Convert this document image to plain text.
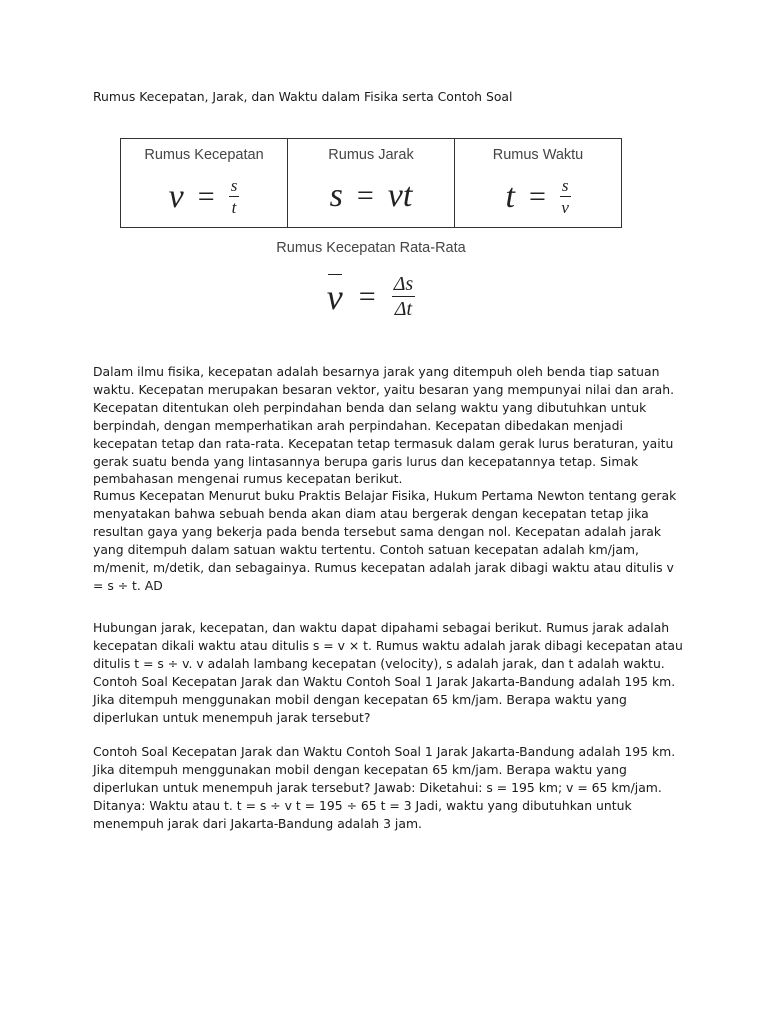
Rumus Kecepatan, Jarak, dan Waktu dalam Fisika serta Contoh Soal

Rumus Kecepatan
$v = \frac{s}{t}$
Rumus Jarak
s = vt
Rumus Waktu
$t = \frac{s}{v}$
Rumus Kecepatan Rata-Rata
$v = \frac{\Delta s}{\Delta t}$

Dalam ilmu fisika, kecepatan adalah besarnya jarak yang ditempuh oleh benda tiap satuan waktu. Kecepatan merupakan besaran vektor, yaitu besaran yang mempunyai nilai dan arah. Kecepatan ditentukan oleh perpindahan benda dan selang waktu yang dibutuhkan untuk berpindah, dengan memperhatikan arah perpindahan. Kecepatan dibedakan menjadi kecepatan tetap dan rata-rata. Kecepatan tetap termasuk dalam gerak lurus beraturan, yaitu gerak suatu benda yang lintasannya berupa garis lurus dan kecepatannya tetap. Simak pembahasan mengenai rumus kecepatan berikut.

Rumus Kecepatan Menurut buku Praktis Belajar Fisika, Hukum Pertama Newton tentang gerak menyatakan bahwa sebuah benda akan diam atau bergerak dengan kecepatan tetap jika resultan gaya yang bekerja pada benda tersebut sama dengan nol. Kecepatan adalah jarak yang ditempuh dalam satuan waktu tertentu. Contoh satuan kecepatan adalah km/jam, m/menit, m/detik, dan sebagainya. Rumus kecepatan adalah jarak dibagi waktu atau ditulis v = s ÷ t. AD

Hubungan jarak, kecepatan, dan waktu dapat dipahami sebagai berikut. Rumus jarak adalah kecepatan dikali waktu atau ditulis s = v × t. Rumus waktu adalah jarak dibagi kecepatan atau ditulis t = s ÷ v. v adalah lambang kecepatan (velocity), s adalah jarak, dan t adalah waktu. Contoh Soal Kecepatan Jarak dan Waktu Contoh Soal 1 Jarak Jakarta-Bandung adalah 195 km. Jika ditempuh menggunakan mobil dengan kecepatan 65 km/jam. Berapa waktu yang diperlukan untuk menempuh jarak tersebut?

Contoh Soal Kecepatan Jarak dan Waktu Contoh Soal 1 Jarak Jakarta-Bandung adalah 195 km. Jika ditempuh menggunakan mobil dengan kecepatan 65 km/jam. Berapa waktu yang diperlukan untuk menempuh jarak tersebut? Jawab: Diketahui: s = 195 km; v = 65 km/jam. Ditanya: Waktu atau t. t = s ÷ v t = 195 ÷ 65 t = 3 Jadi, waktu yang dibutuhkan untuk menempuh jarak dari Jakarta-Bandung adalah 3 jam.
